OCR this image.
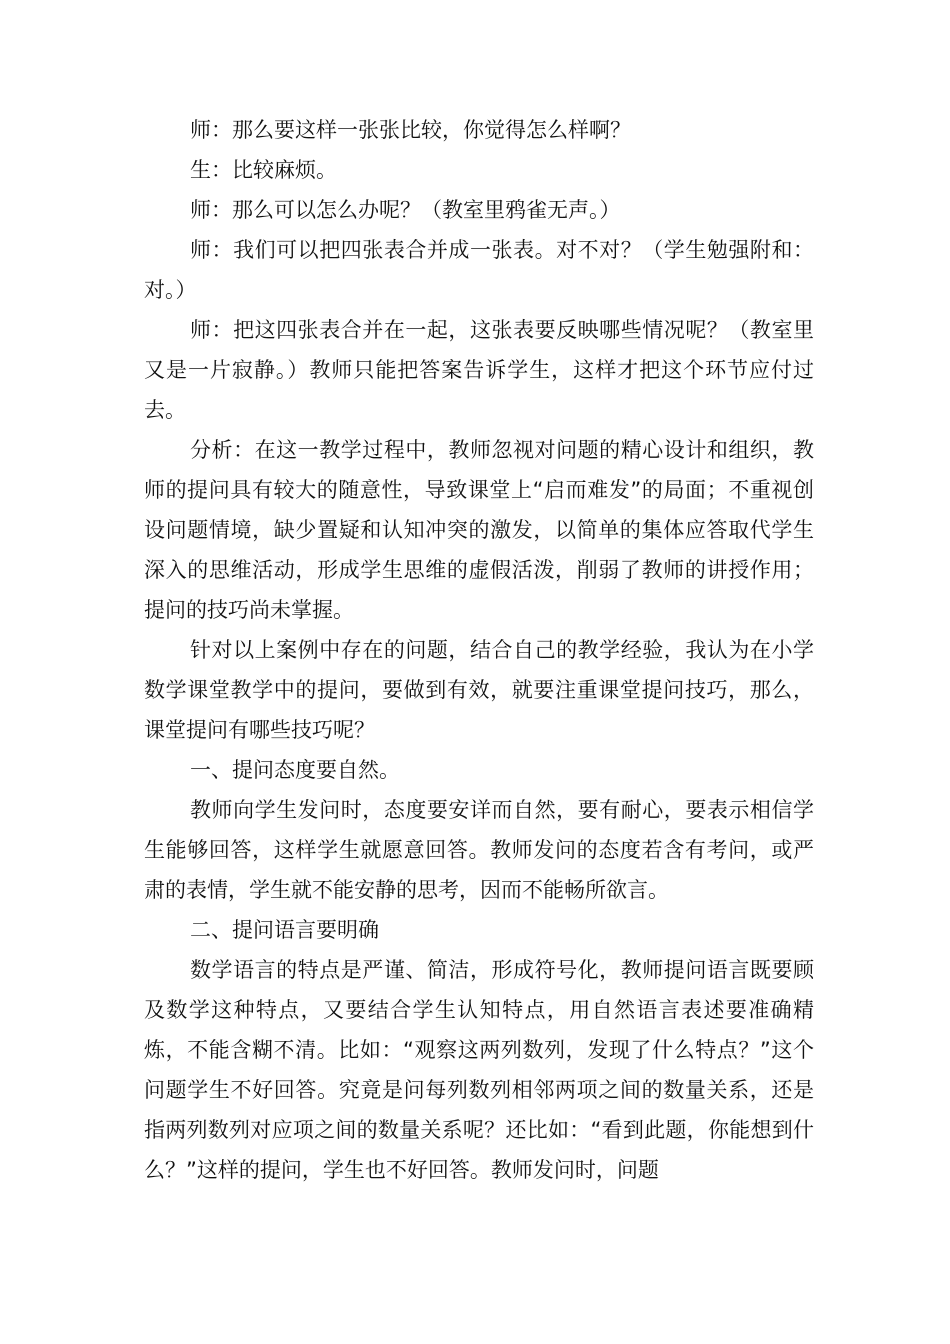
师：那么要这样一张张比较，你觉得怎么样啊？

生：比较麻烦。

师：那么可以怎么办呢？（教室里鸦雀无声。）

师：我们可以把四张表合并成一张表。对不对？（学生勉强附和：对。）

师：把这四张表合并在一起，这张表要反映哪些情况呢？（教室里又是一片寂静。）教师只能把答案告诉学生，这样才把这个环节应付过去。

分析：在这一教学过程中，教师忽视对问题的精心设计和组织，教师的提问具有较大的随意性，导致课堂上“启而难发”的局面；不重视创设问题情境，缺少置疑和认知冲突的激发，以简单的集体应答取代学生深入的思维活动，形成学生思维的虚假活泼，削弱了教师的讲授作用；提问的技巧尚未掌握。

针对以上案例中存在的问题，结合自己的教学经验，我认为在小学数学课堂教学中的提问，要做到有效，就要注重课堂提问技巧，那么，课堂提问有哪些技巧呢？

一、提问态度要自然。

教师向学生发问时，态度要安详而自然，要有耐心，要表示相信学生能够回答，这样学生就愿意回答。教师发问的态度若含有考问，或严肃的表情，学生就不能安静的思考，因而不能畅所欲言。

二、提问语言要明确

数学语言的特点是严谨、简洁，形成符号化，教师提问语言既要顾及数学这种特点，又要结合学生认知特点，用自然语言表述要准确精炼，不能含糊不清。比如：“观察这两列数列，发现了什么特点？”这个问题学生不好回答。究竟是问每列数列相邻两项之间的数量关系，还是指两列数列对应项之间的数量关系呢？还比如：“看到此题，你能想到什么？”这样的提问，学生也不好回答。教师发问时，问题
